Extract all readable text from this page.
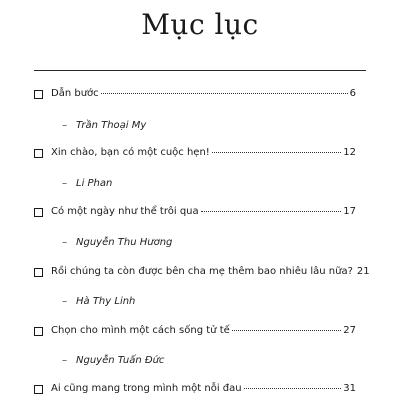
Mục lục
Dẫn bước	6
– Trần Thoại My
Xin chào, bạn có một cuộc hẹn!	12
– Li Phan
Có một ngày như thể trôi qua	17
– Nguyễn Thu Hương
Rồi chúng ta còn được bên cha mẹ thêm bao nhiêu lâu nữa? 21
– Hà Thy Linh
Chọn cho mình một cách sống tử tế	27
– Nguyễn Tuấn Đức
Ai cũng mang trong mình một nỗi đau	31
